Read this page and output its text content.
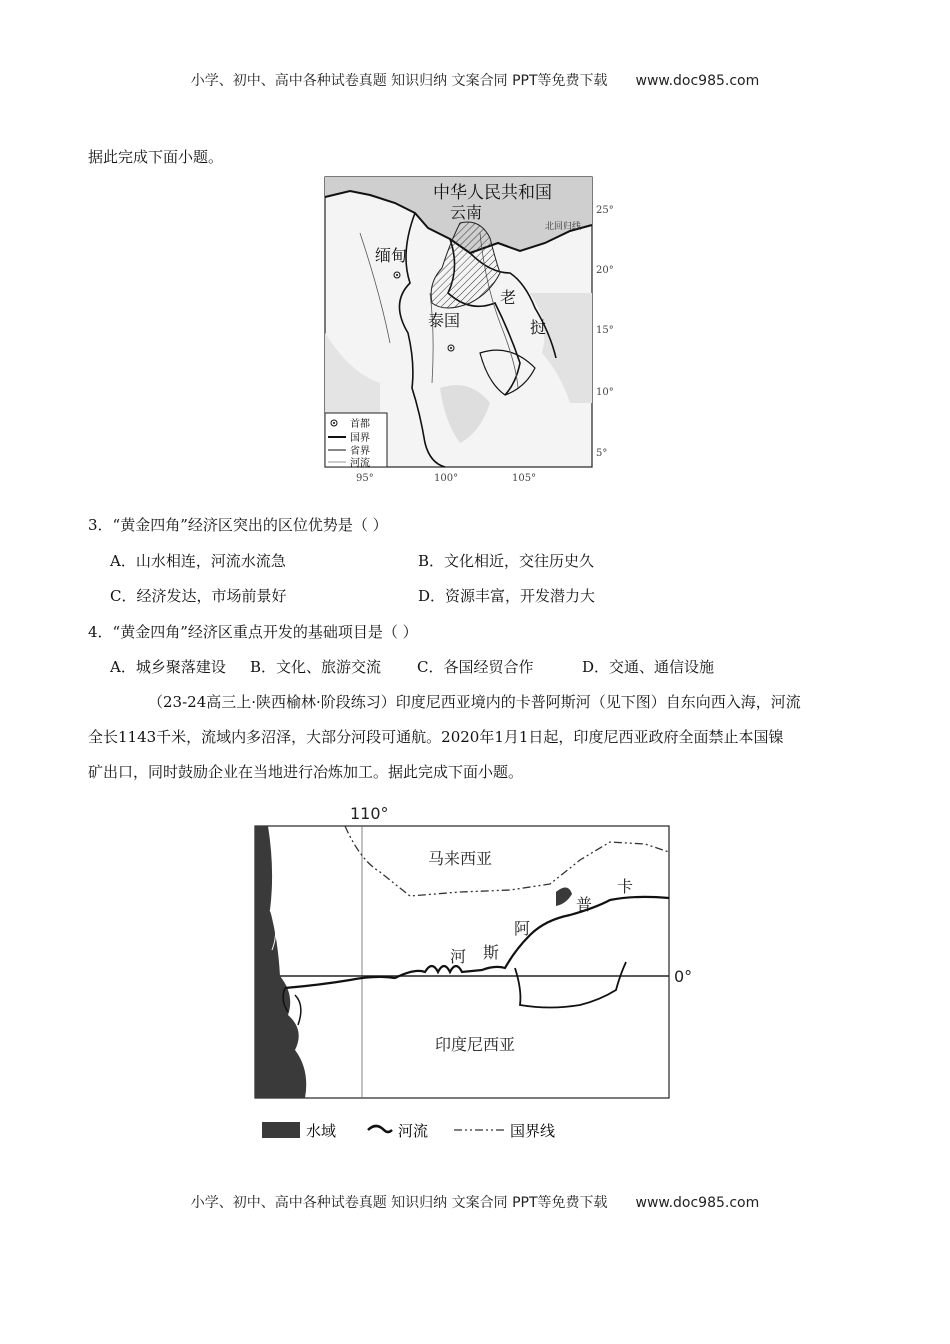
小学、初中、高中各种试卷真题 知识归纳 文案合同 PPT等免费下载 www.doc985.com
据此完成下面小题。
中华人民共和国
云南
缅甸
泰国
老
挝
北回归线
25°
20°
15°
10°
5°
95°	100°	105°
首都
国界
省界
河流
3．“黄金四角”经济区突出的区位优势是（ ）
A．山水相连，河流水流急	B．文化相近，交往历史久
C．经济发达，市场前景好	D．资源丰富，开发潜力大
4．“黄金四角”经济区重点开发的基础项目是（ ）
A．城乡聚落建设 B．文化、旅游交流 C．各国经贸合作	D．交通、通信设施
（23-24高三上·陕西榆林·阶段练习）印度尼西亚境内的卡普阿斯河（见下图）自东向西入海，河流
全长1143千米，流域内多沼泽，大部分河段可通航。2020年1月1日起，印度尼西亚政府全面禁止本国镍
矿出口，同时鼓励企业在当地进行冶炼加工。据此完成下面小题。
110°
0°
马来西亚
印度尼西亚
卡
普
阿
斯
河
水域	河流	国界线
小学、初中、高中各种试卷真题 知识归纳 文案合同 PPT等免费下载 www.doc985.com
